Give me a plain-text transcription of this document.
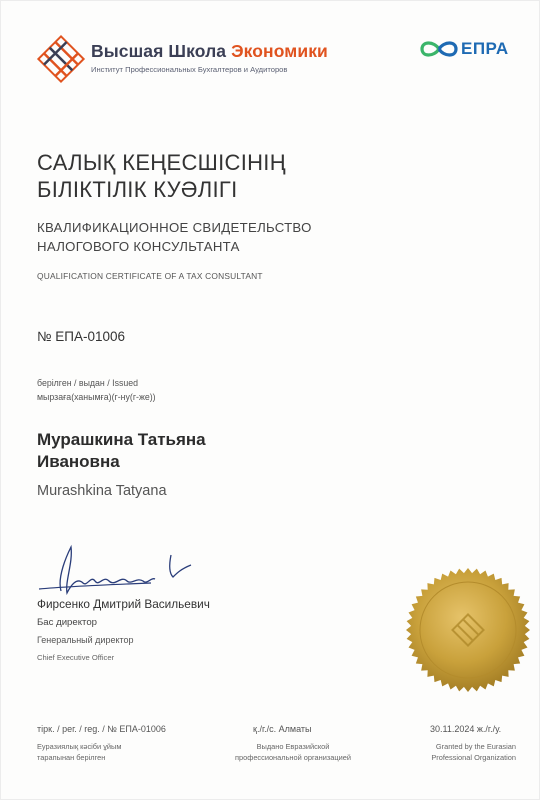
Высшая Школа Экономики
Институт Профессиональных Бухгалтеров и Аудиторов
ЕПРА
САЛЫҚ КЕҢЕСШІСІНІҢ
БІЛІКТІЛІК КУӘЛІГІ
КВАЛИФИКАЦИОННОЕ СВИДЕТЕЛЬСТВО
НАЛОГОВОГО КОНСУЛЬТАНТА
QUALIFICATION CERTIFICATE OF A TAX CONSULTANT
№ ЕПА-01006
берілген / выдан / Issued
мырзаға(ханымға)(г-ну(г-же))
Мурашкина Татьяна
Ивановна
Murashkina Tatyana
Фирсенко Дмитрий Васильевич
Бас директор
Генеральный директор
Chief Executive Officer
тірк. / рег. / reg. / № ЕПА-01006	қ./г./с. Алматы	30.11.2024 ж./г./у.
Еуразиялық кәсіби ұйым
тарапынан берілген
Выдано Евразийской
профессиональной организацией
Granted by the Eurasian
Professional Organization
